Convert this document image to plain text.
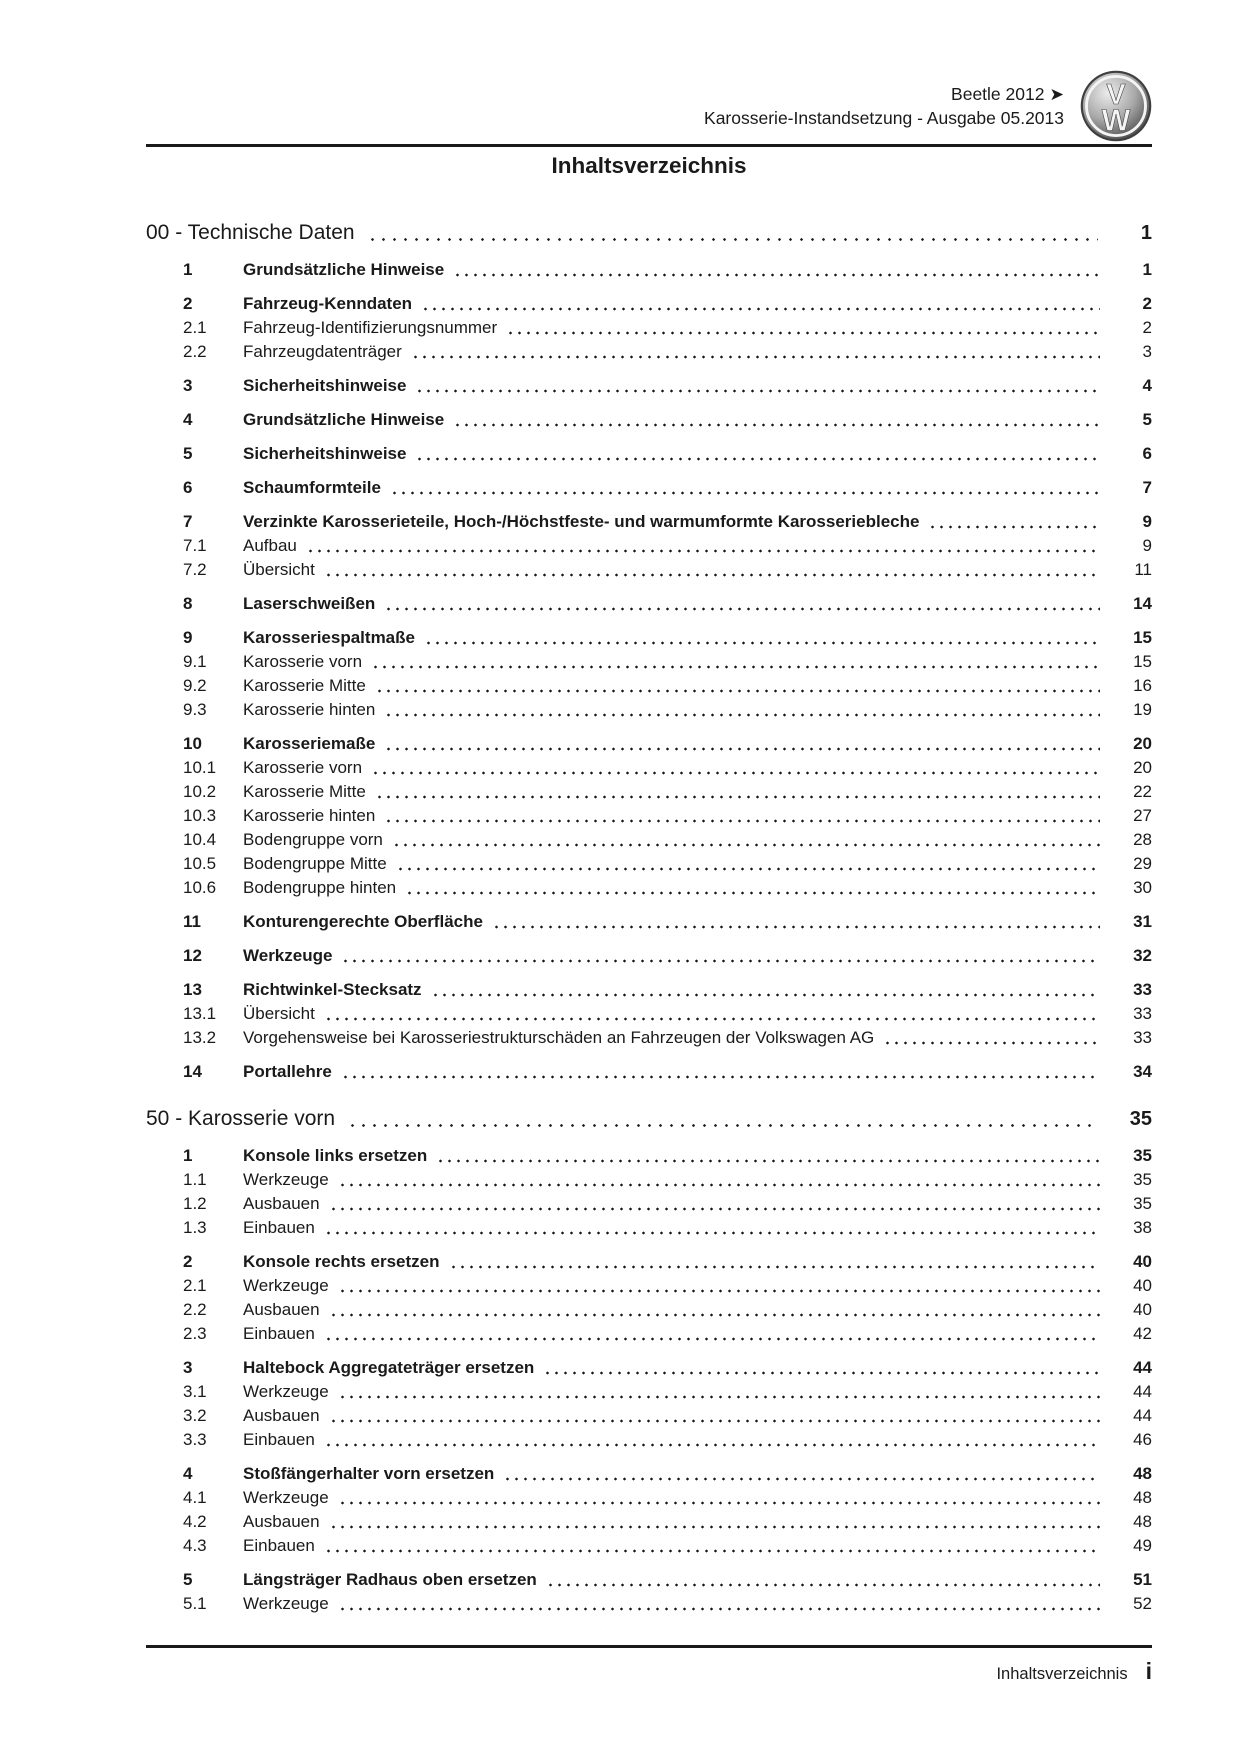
Beetle 2012 ➤
Karosserie-Instandsetzung - Ausgabe 05.2013
V
W
Inhaltsverzeichnis
00 - Technische Daten	1
1	Grundsätzliche Hinweise	1
2	Fahrzeug-Kenndaten	2
2.1	Fahrzeug-Identifizierungsnummer	2
2.2	Fahrzeugdatenträger	3
3	Sicherheitshinweise	4
4	Grundsätzliche Hinweise	5
5	Sicherheitshinweise	6
6	Schaumformteile	7
7	Verzinkte Karosserieteile, Hoch-/Höchstfeste- und warmumformte Karosseriebleche	9
7.1	Aufbau	9
7.2	Übersicht	11
8	Laserschweißen	14
9	Karosseriespaltmaße	15
9.1	Karosserie vorn	15
9.2	Karosserie Mitte	16
9.3	Karosserie hinten	19
10	Karosseriemaße	20
10.1	Karosserie vorn	20
10.2	Karosserie Mitte	22
10.3	Karosserie hinten	27
10.4	Bodengruppe vorn	28
10.5	Bodengruppe Mitte	29
10.6	Bodengruppe hinten	30
11	Konturengerechte Oberfläche	31
12	Werkzeuge	32
13	Richtwinkel-Stecksatz	33
13.1	Übersicht	33
13.2	Vorgehensweise bei Karosseriestrukturschäden an Fahrzeugen der Volkswagen AG	33
14	Portallehre	34
50 - Karosserie vorn	35
1	Konsole links ersetzen	35
1.1	Werkzeuge	35
1.2	Ausbauen	35
1.3	Einbauen	38
2	Konsole rechts ersetzen	40
2.1	Werkzeuge	40
2.2	Ausbauen	40
2.3	Einbauen	42
3	Haltebock Aggregateträger ersetzen	44
3.1	Werkzeuge	44
3.2	Ausbauen	44
3.3	Einbauen	46
4	Stoßfängerhalter vorn ersetzen	48
4.1	Werkzeuge	48
4.2	Ausbauen	48
4.3	Einbauen	49
5	Längsträger Radhaus oben ersetzen	51
5.1	Werkzeuge	52
Inhaltsverzeichnis i
